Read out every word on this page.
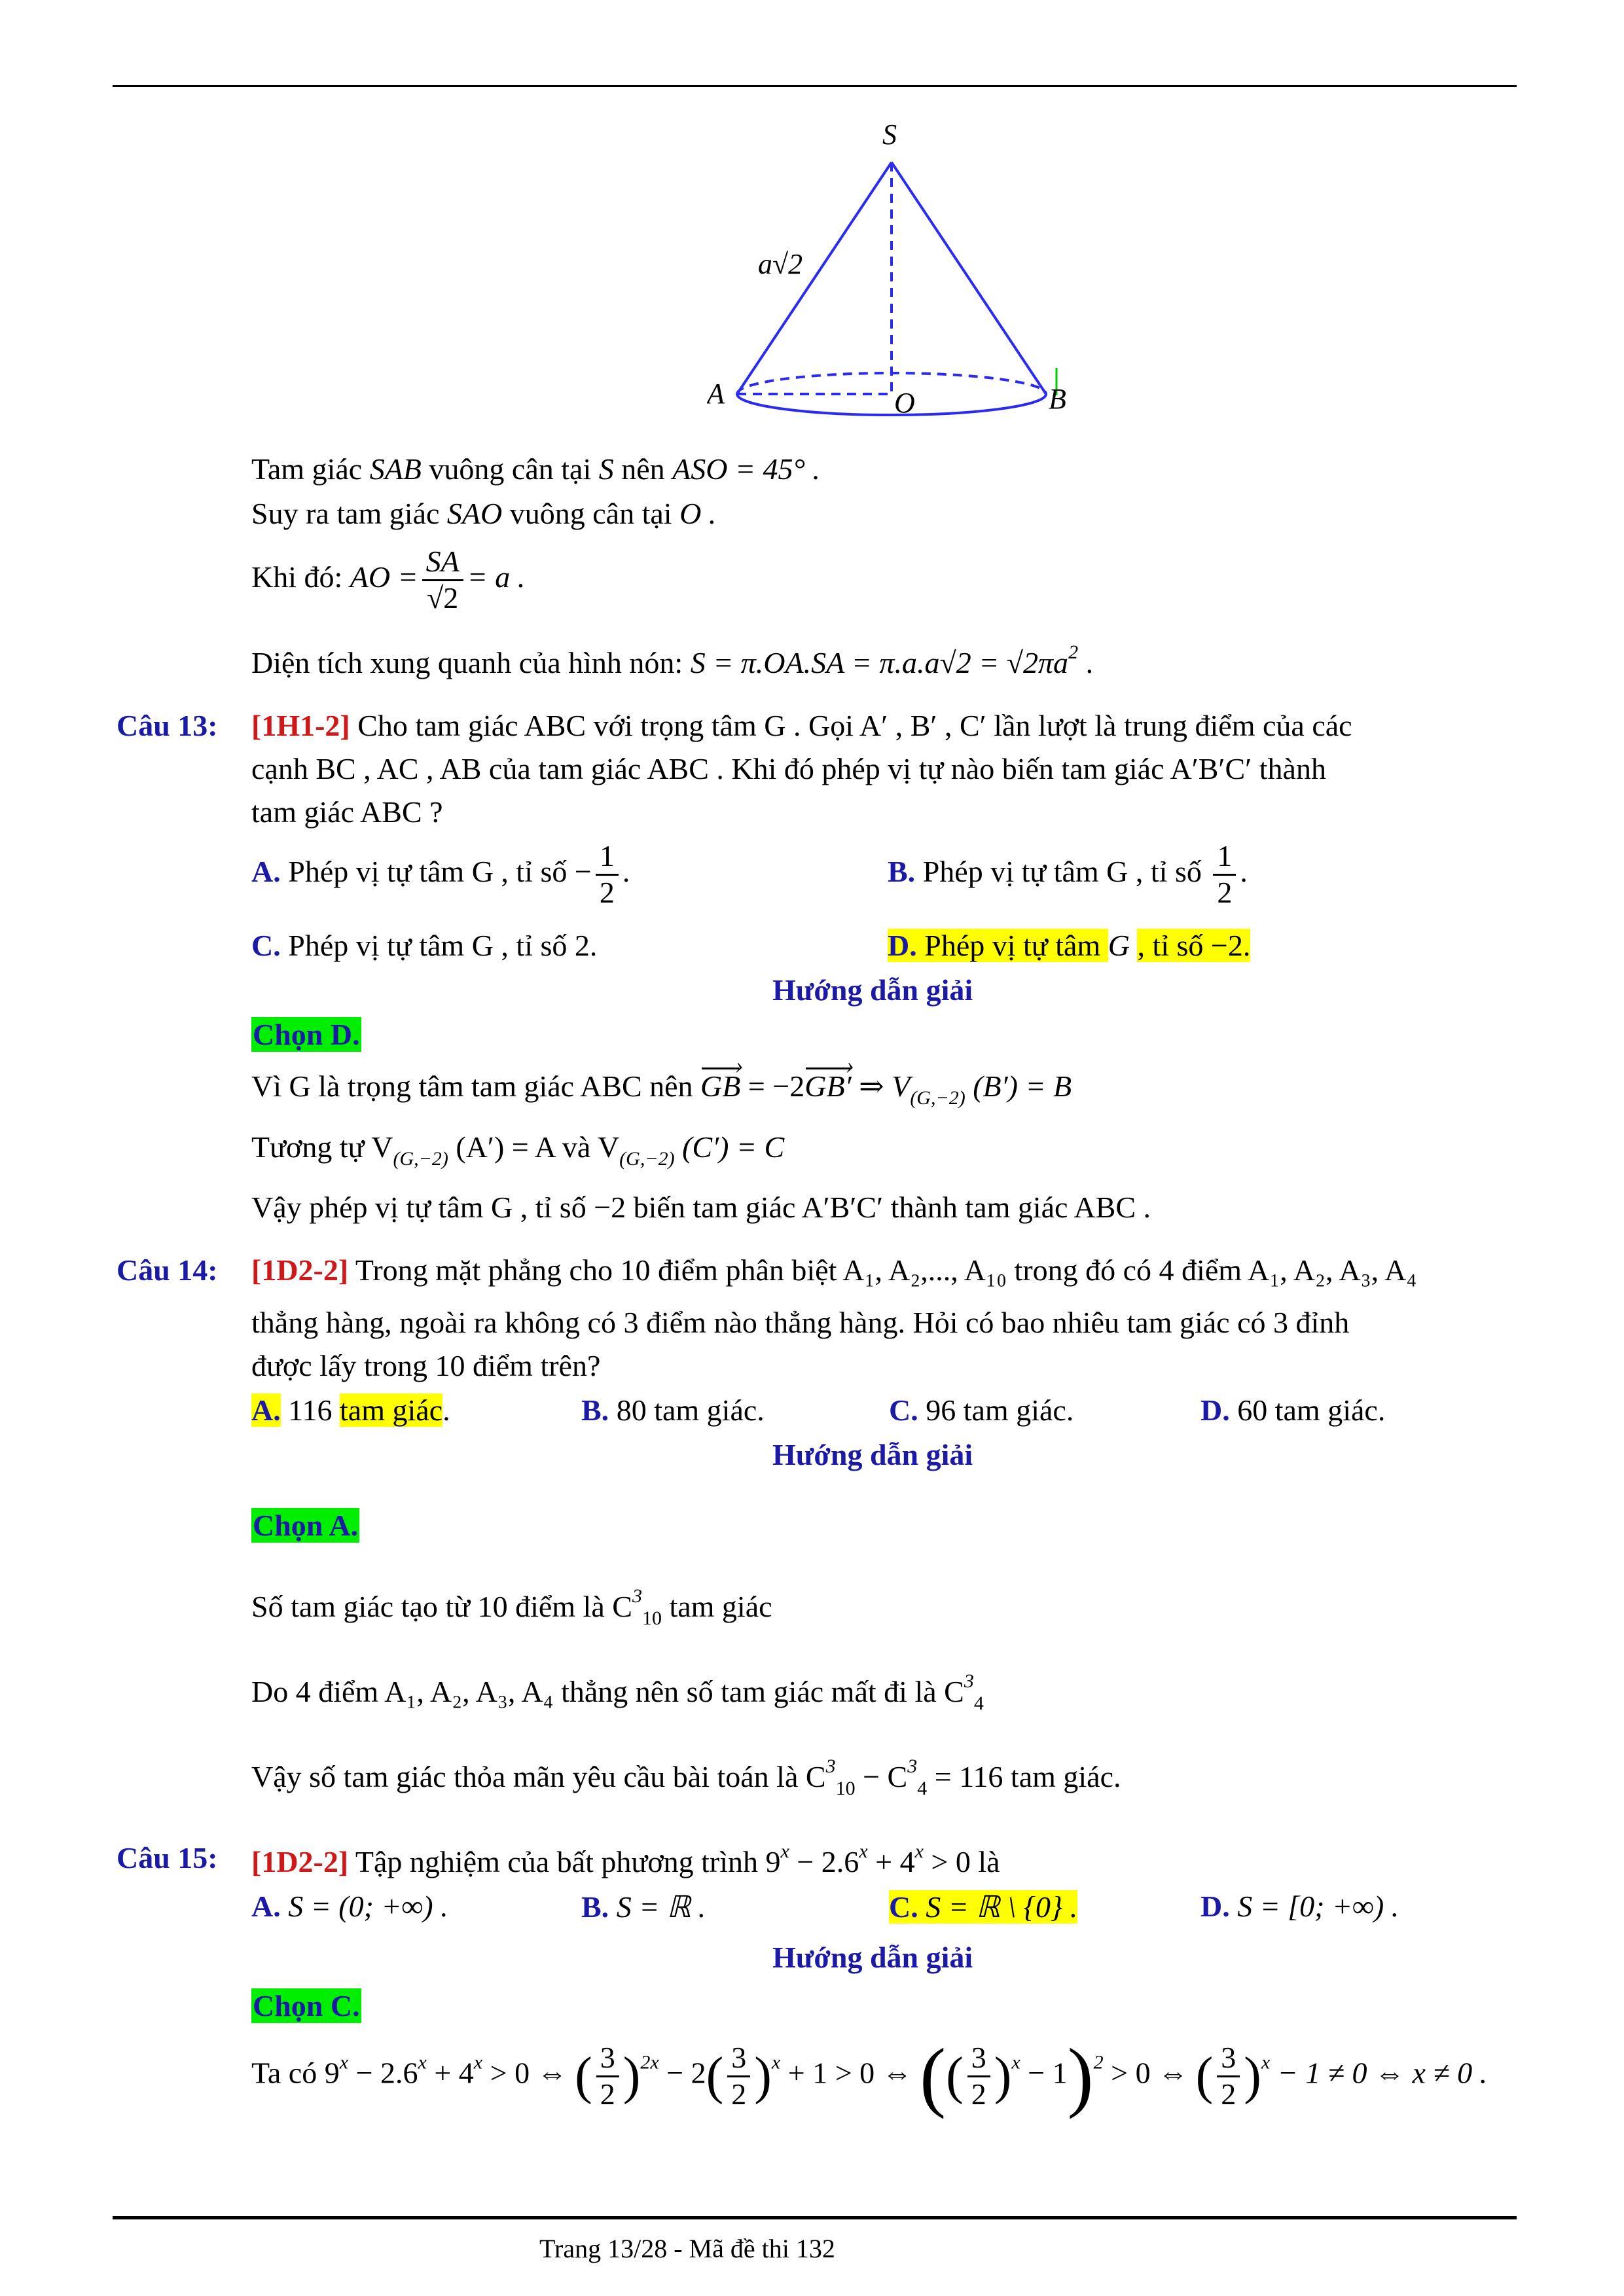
S
A	O	B
a√2
Tam giác SAB vuông cân tại S nên ASO = 45° .
Suy ra tam giác SAO vuông cân tại O .
Khi đó: AO = $\frac{SA}{√2} = a$ .
Diện tích xung quanh của hình nón: $S = \pi.OA.SA = \pi.a.a√2 = √2\pi a^2$ .
Câu 13: [1H1-2] Cho tam giác ABC với trọng tâm G . Gọi A′ , B′ , C′ lần lượt là trung điểm của các
cạnh BC , AC , AB của tam giác ABC . Khi đó phép vị tự nào biến tam giác A′B′C′ thành
tam giác ABC ?
A. Phép vị tự tâm G , tỉ số − $\frac{1}{2}$ .	B. Phép vị tự tâm G , tỉ số $\frac{1}{2}$ .
C. Phép vị tự tâm G , tỉ số 2.	D. Phép vị tự tâm G , tỉ số −2.
Hướng dẫn giải
Chọn D.
Vì G là trọng tâm tam giác ABC nên GB › = −2GB′ › ⇒ $V_{(G,-2)}$ (B′) = B
Tương tự $V_{(G,-2)}$ (A′) = A và $V_{(G,-2)}$ (C′) = C
Vậy phép vị tự tâm G , tỉ số −2 biến tam giác A′B′C′ thành tam giác ABC .
Câu 14: [1D2-2] Trong mặt phẳng cho 10 điểm phân biệt A₁, A₂,..., A₁₀ trong đó có 4 điểm A₁, A₂, A₃, A₄
thẳng hàng, ngoài ra không có 3 điểm nào thẳng hàng. Hỏi có bao nhiêu tam giác có 3 đỉnh
được lấy trong 10 điểm trên?
A. 116 tam giác.	B. 80 tam giác.	C. 96 tam giác.	D. 60 tam giác.
Hướng dẫn giải
Chọn A.
Số tam giác tạo từ 10 điểm là $C^3_{10}$ tam giác
Do 4 điểm A₁, A₂, A₃, A₄ thẳng nên số tam giác mất đi là $C^3_4$
Vậy số tam giác thỏa mãn yêu cầu bài toán là $C^3_{10} - C^3_4 = 116$ tam giác.
Câu 15: [1D2-2] Tập nghiệm của bất phương trình $9^x - 2.6^x + 4^x > 0$ là
A. S = (0; +∞) .	B. S = ℝ .	C. S = ℝ \ {0} .	D. S = [0; +∞) .
Hướng dẫn giải
Chọn C.
Ta có $9^x - 2.6^x + 4^x > 0$ ⇔ ( $\frac{3}{2} )^{2x} - 2( \frac{3}{2} )^x + 1 > 0$ ⇔ (( $\frac{3}{2} )^x - 1)^2 > 0$ ⇔ ( $\frac{3}{2} )^x - 1 \ne 0$ ⇔ x ≠ 0 .
Trang 13/28 - Mã đề thi 132
